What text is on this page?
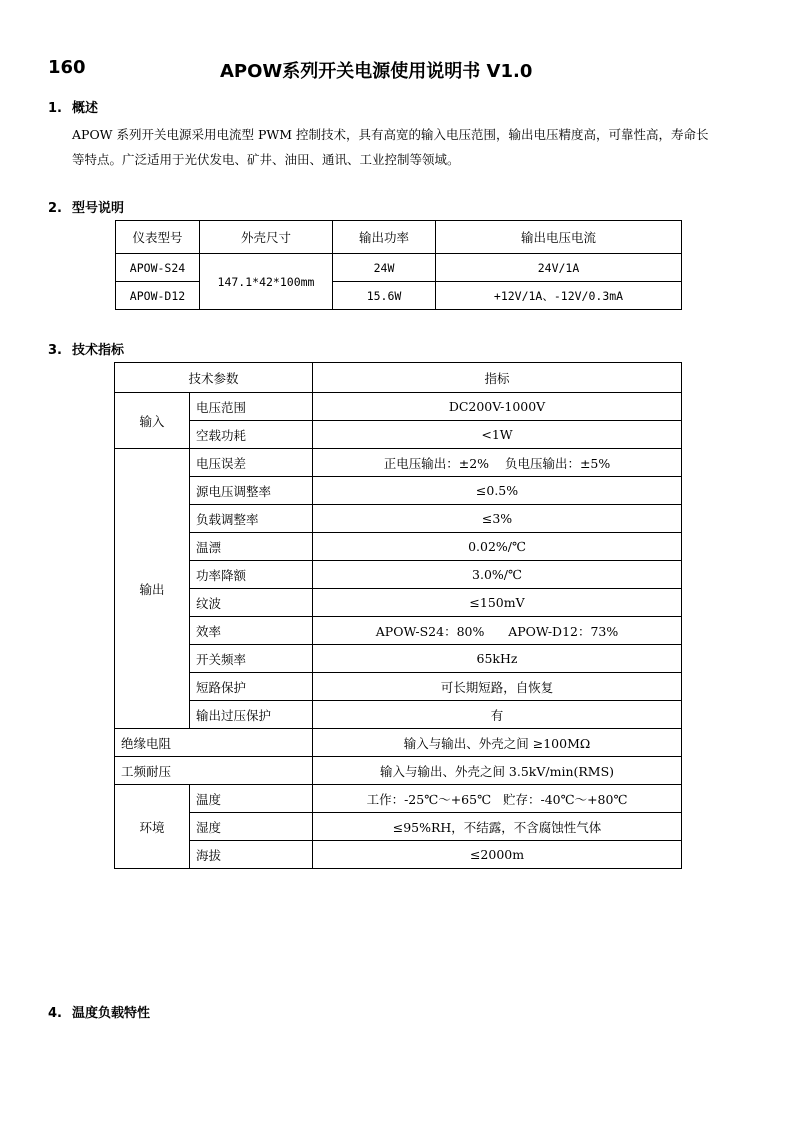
160	APOW系列开关电源使用说明书 V1.0
1. 概述
APOW 系列开关电源采用电流型 PWM 控制技术，具有高宽的输入电压范围，输出电压精度高，可靠性高，寿命长
等特点。广泛适用于光伏发电、矿井、油田、通讯、工业控制等领域。
2. 型号说明
仪表型号	外壳尺寸	输出功率	输出电压电流
APOW-S24	147.1*42*100mm	24W	24V/1A
APOW-D12		15.6W	+12V/1A、-12V/0.3mA
3. 技术指标
技术参数		指标
输入	电压范围	DC200V-1000V
	空载功耗	<1W
输出	电压误差	正电压输出：±2%    负电压输出：±5%
	源电压调整率	≤0.5%
	负载调整率	≤3%
	温漂	0.02%/℃
	功率降额	3.0%/℃
	纹波	≤150mV
	效率	APOW-S24：80%      APOW-D12：73%
	开关频率	65kHz
	短路保护	可长期短路，自恢复
	输出过压保护	有
绝缘电阻		输入与输出、外壳之间 ≥100MΩ
工频耐压		输入与输出、外壳之间 3.5kV/min(RMS)
环境	温度	工作：-25℃～+65℃   贮存：-40℃～+80℃
	湿度	≤95%RH，不结露，不含腐蚀性气体
	海拔	≤2000m
4. 温度负载特性
